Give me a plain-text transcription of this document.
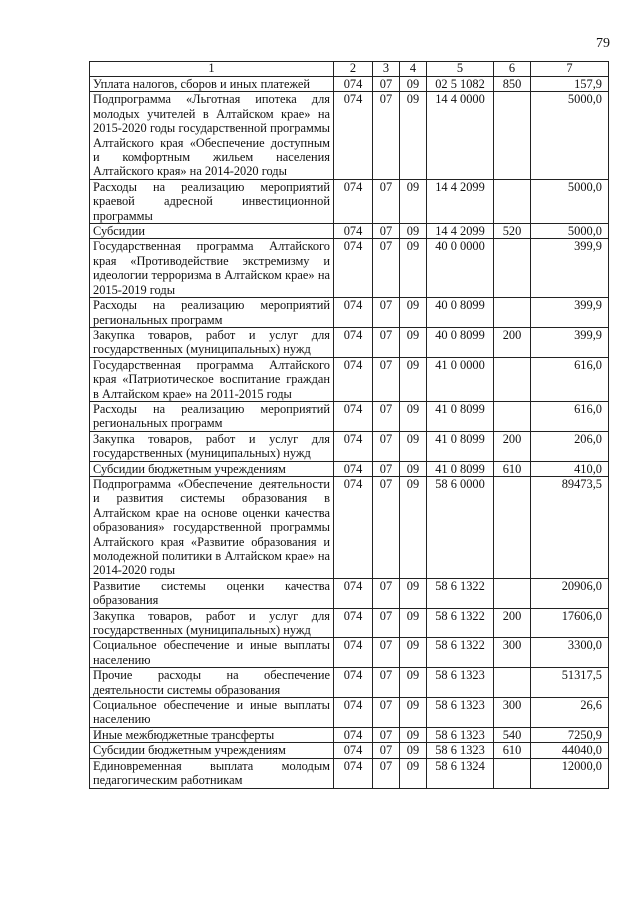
79
1	2	3	4	5	6	7
Уплата налогов, сборов и иных платежей	074	07	09	02 5 1082	850	157,9
Подпрограмма «Льготная ипотека для молодых учителей в Алтайском крае» на 2015-2020 годы государственной программы Алтайского края «Обеспечение доступным и комфортным жильем населения Алтайского края» на 2014-2020 годы	074	07	09	14 4 0000		5000,0
Расходы на реализацию мероприятий краевой адресной инвестиционной программы	074	07	09	14 4 2099		5000,0
Субсидии	074	07	09	14 4 2099	520	5000,0
Государственная программа Алтайского края «Противодействие экстремизму и идеологии терроризма в Алтайском крае» на 2015-2019 годы	074	07	09	40 0 0000		399,9
Расходы на реализацию мероприятий региональных программ	074	07	09	40 0 8099		399,9
Закупка товаров, работ и услуг для государственных (муниципальных) нужд	074	07	09	40 0 8099	200	399,9
Государственная программа Алтайского края «Патриотическое воспитание граждан в Алтайском крае» на 2011-2015 годы	074	07	09	41 0 0000		616,0
Расходы на реализацию мероприятий региональных программ	074	07	09	41 0 8099		616,0
Закупка товаров, работ и услуг для государственных (муниципальных) нужд	074	07	09	41 0 8099	200	206,0
Субсидии бюджетным учреждениям	074	07	09	41 0 8099	610	410,0
Подпрограмма «Обеспечение деятельности и развития системы образования в Алтайском крае на основе оценки качества образования» государственной программы Алтайского края «Развитие образования и молодежной политики в Алтайском крае» на 2014-2020 годы	074	07	09	58 6 0000		89473,5
Развитие системы оценки качества образования	074	07	09	58 6 1322		20906,0
Закупка товаров, работ и услуг для государственных (муниципальных) нужд	074	07	09	58 6 1322	200	17606,0
Социальное обеспечение и иные выплаты населению	074	07	09	58 6 1322	300	3300,0
Прочие расходы на обеспечение деятельности системы образования	074	07	09	58 6 1323		51317,5
Социальное обеспечение и иные выплаты населению	074	07	09	58 6 1323	300	26,6
Иные межбюджетные трансферты	074	07	09	58 6 1323	540	7250,9
Субсидии бюджетным учреждениям	074	07	09	58 6 1323	610	44040,0
Единовременная выплата молодым педагогическим работникам	074	07	09	58 6 1324		12000,0
